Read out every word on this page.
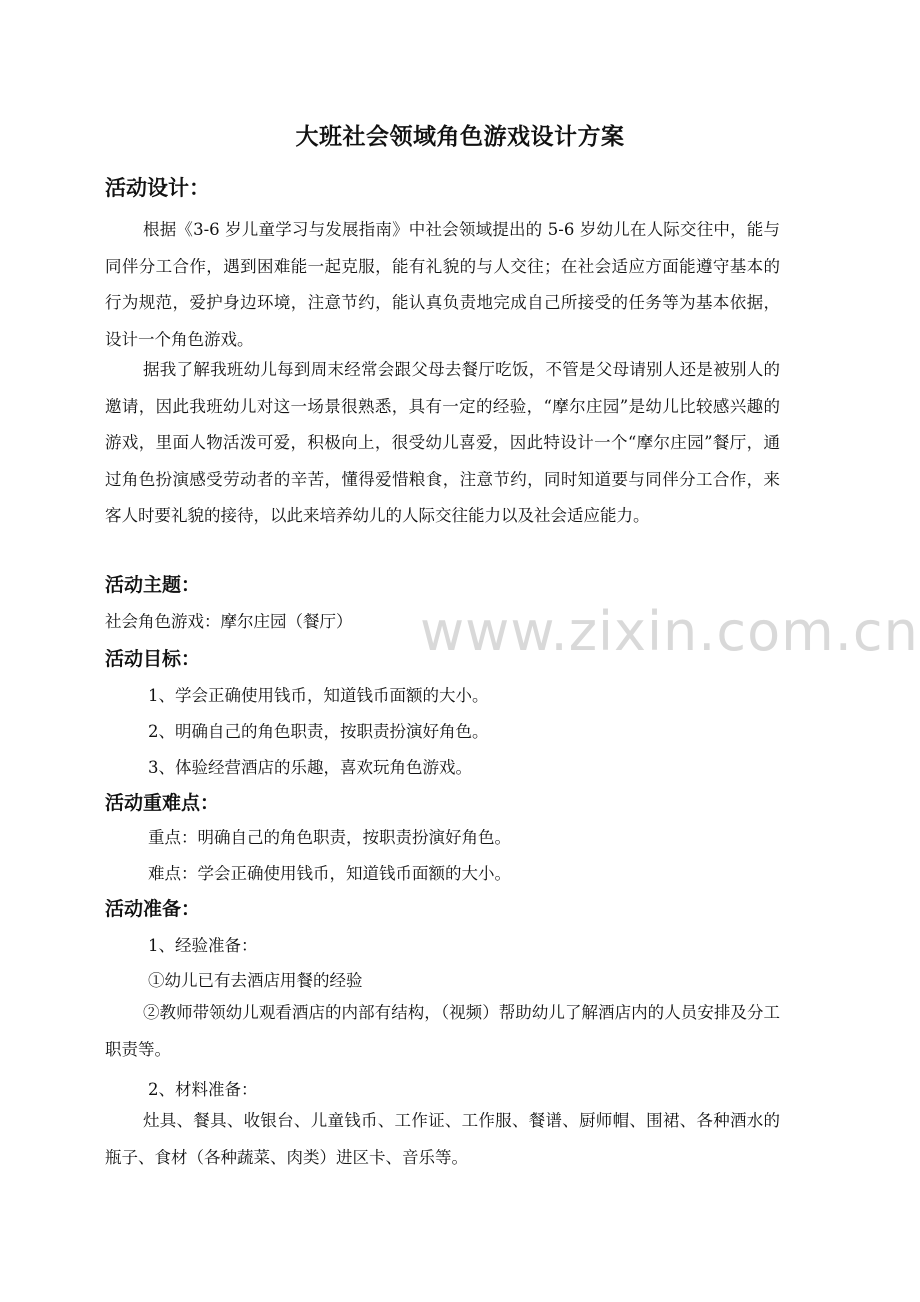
www.zixin.com.cn
大班社会领域角色游戏设计方案
活动设计：
根据《3-6 岁儿童学习与发展指南》中社会领域提出的 5-6 岁幼儿在人际交往中，能与同伴分工合作，遇到困难能一起克服，能有礼貌的与人交往；在社会适应方面能遵守基本的行为规范，爱护身边环境，注意节约，能认真负责地完成自己所接受的任务等为基本依据，设计一个角色游戏。
据我了解我班幼儿每到周末经常会跟父母去餐厅吃饭，不管是父母请别人还是被别人的邀请，因此我班幼儿对这一场景很熟悉，具有一定的经验，“摩尔庄园”是幼儿比较感兴趣的游戏，里面人物活泼可爱，积极向上，很受幼儿喜爱，因此特设计一个“摩尔庄园”餐厅，通过角色扮演感受劳动者的辛苦，懂得爱惜粮食，注意节约，同时知道要与同伴分工合作，来客人时要礼貌的接待，以此来培养幼儿的人际交往能力以及社会适应能力。
活动主题：
社会角色游戏：摩尔庄园（餐厅）
活动目标：
1、学会正确使用钱币，知道钱币面额的大小。
2、明确自己的角色职责，按职责扮演好角色。
3、体验经营酒店的乐趣，喜欢玩角色游戏。
活动重难点：
重点：明确自己的角色职责，按职责扮演好角色。
难点：学会正确使用钱币，知道钱币面额的大小。
活动准备：
1、经验准备：
①幼儿已有去酒店用餐的经验
②教师带领幼儿观看酒店的内部有结构，（视频）帮助幼儿了解酒店内的人员安排及分工职责等。
2、材料准备：
灶具、餐具、收银台、儿童钱币、工作证、工作服、餐谱、厨师帽、围裙、各种酒水的瓶子、食材（各种蔬菜、肉类）进区卡、音乐等。
